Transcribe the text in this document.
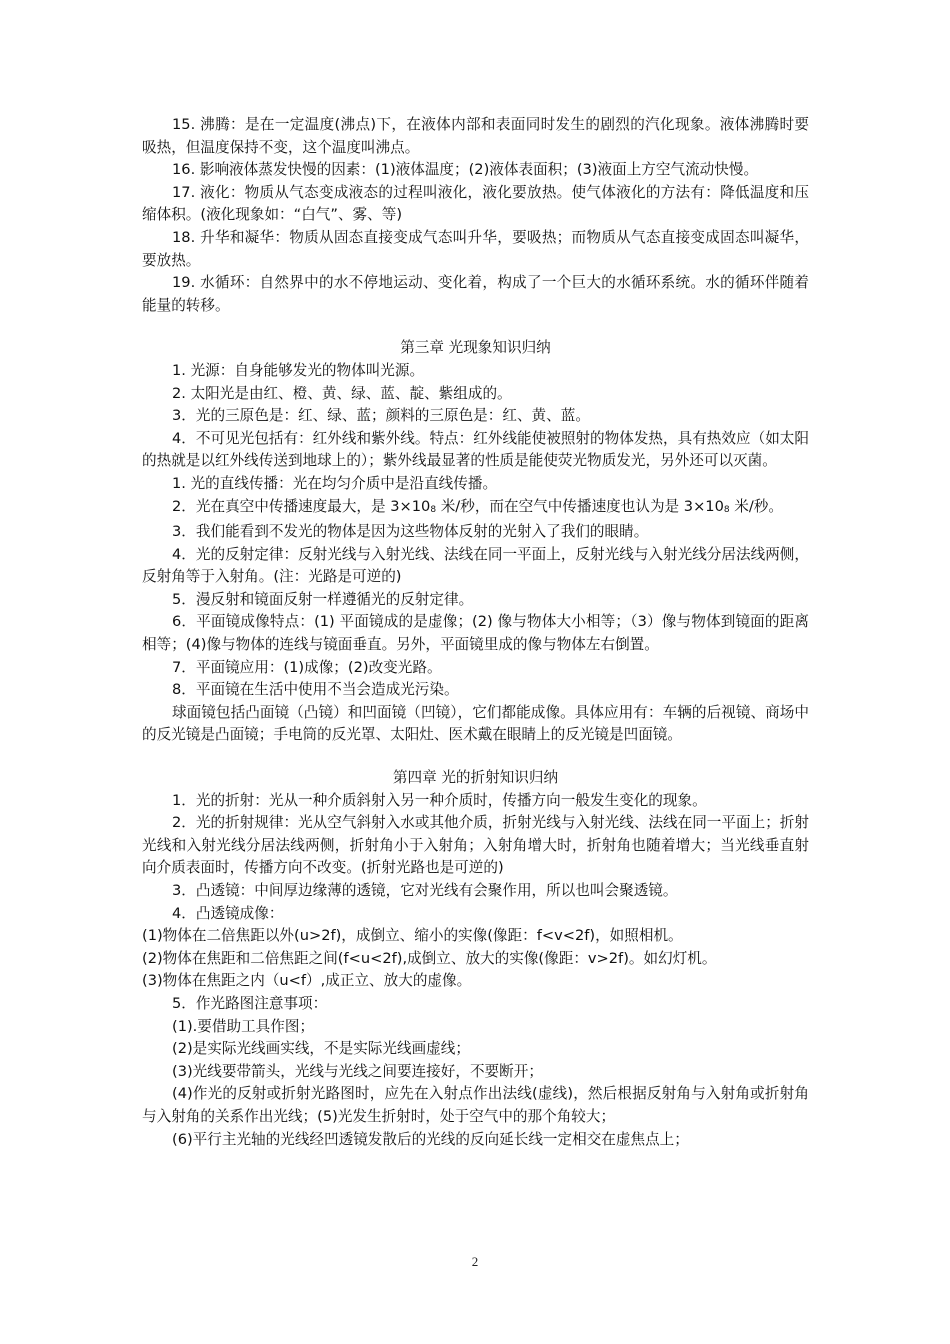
15. 沸腾：是在一定温度(沸点)下，在液体内部和表面同时发生的剧烈的汽化现象。液体沸腾时要吸热，但温度保持不变，这个温度叫沸点。

16. 影响液体蒸发快慢的因素：(1)液体温度；(2)液体表面积；(3)液面上方空气流动快慢。

17. 液化：物质从气态变成液态的过程叫液化，液化要放热。使气体液化的方法有：降低温度和压缩体积。(液化现象如：“白气”、雾、等)

18. 升华和凝华：物质从固态直接变成气态叫升华，要吸热；而物质从气态直接变成固态叫凝华，要放热。

19. 水循环：自然界中的水不停地运动、变化着，构成了一个巨大的水循环系统。水的循环伴随着能量的转移。

第三章 光现象知识归纳

1. 光源：自身能够发光的物体叫光源。

2. 太阳光是由红、橙、黄、绿、蓝、靛、紫组成的。

3．光的三原色是：红、绿、蓝；颜料的三原色是：红、黄、蓝。

4．不可见光包括有：红外线和紫外线。特点：红外线能使被照射的物体发热，具有热效应（如太阳的热就是以红外线传送到地球上的）；紫外线最显著的性质是能使荧光物质发光，另外还可以灭菌。

1. 光的直线传播：光在均匀介质中是沿直线传播。

2．光在真空中传播速度最大，是 $3\times 10_8$ 米/秒，而在空气中传播速度也认为是 $3\times 10_8$ 米/秒。

3．我们能看到不发光的物体是因为这些物体反射的光射入了我们的眼睛。

4．光的反射定律：反射光线与入射光线、法线在同一平面上，反射光线与入射光线分居法线两侧，反射角等于入射角。(注：光路是可逆的)

5．漫反射和镜面反射一样遵循光的反射定律。

6．平面镜成像特点：(1) 平面镜成的是虚像；(2) 像与物体大小相等；（3）像与物体到镜面的距离相等；(4)像与物体的连线与镜面垂直。另外，平面镜里成的像与物体左右倒置。

7．平面镜应用：(1)成像；(2)改变光路。

8．平面镜在生活中使用不当会造成光污染。

球面镜包括凸面镜（凸镜）和凹面镜（凹镜），它们都能成像。具体应用有：车辆的后视镜、商场中的反光镜是凸面镜；手电筒的反光罩、太阳灶、医术戴在眼睛上的反光镜是凹面镜。

第四章 光的折射知识归纳

1．光的折射：光从一种介质斜射入另一种介质时，传播方向一般发生变化的现象。

2．光的折射规律：光从空气斜射入水或其他介质，折射光线与入射光线、法线在同一平面上；折射光线和入射光线分居法线两侧，折射角小于入射角；入射角增大时，折射角也随着增大；当光线垂直射向介质表面时，传播方向不改变。(折射光路也是可逆的)

3．凸透镜：中间厚边缘薄的透镜，它对光线有会聚作用，所以也叫会聚透镜。

4．凸透镜成像：

(1)物体在二倍焦距以外(u>2f)，成倒立、缩小的实像(像距：f<v<2f)，如照相机。

(2)物体在焦距和二倍焦距之间(f<u<2f),成倒立、放大的实像(像距：v>2f)。如幻灯机。

(3)物体在焦距之内（u<f）,成正立、放大的虚像。

5．作光路图注意事项：

(1).要借助工具作图；

(2)是实际光线画实线，不是实际光线画虚线；

(3)光线要带箭头，光线与光线之间要连接好，不要断开；

(4)作光的反射或折射光路图时，应先在入射点作出法线(虚线)，然后根据反射角与入射角或折射角与入射角的关系作出光线；(5)光发生折射时，处于空气中的那个角较大；

(6)平行主光轴的光线经凹透镜发散后的光线的反向延长线一定相交在虚焦点上；

2
